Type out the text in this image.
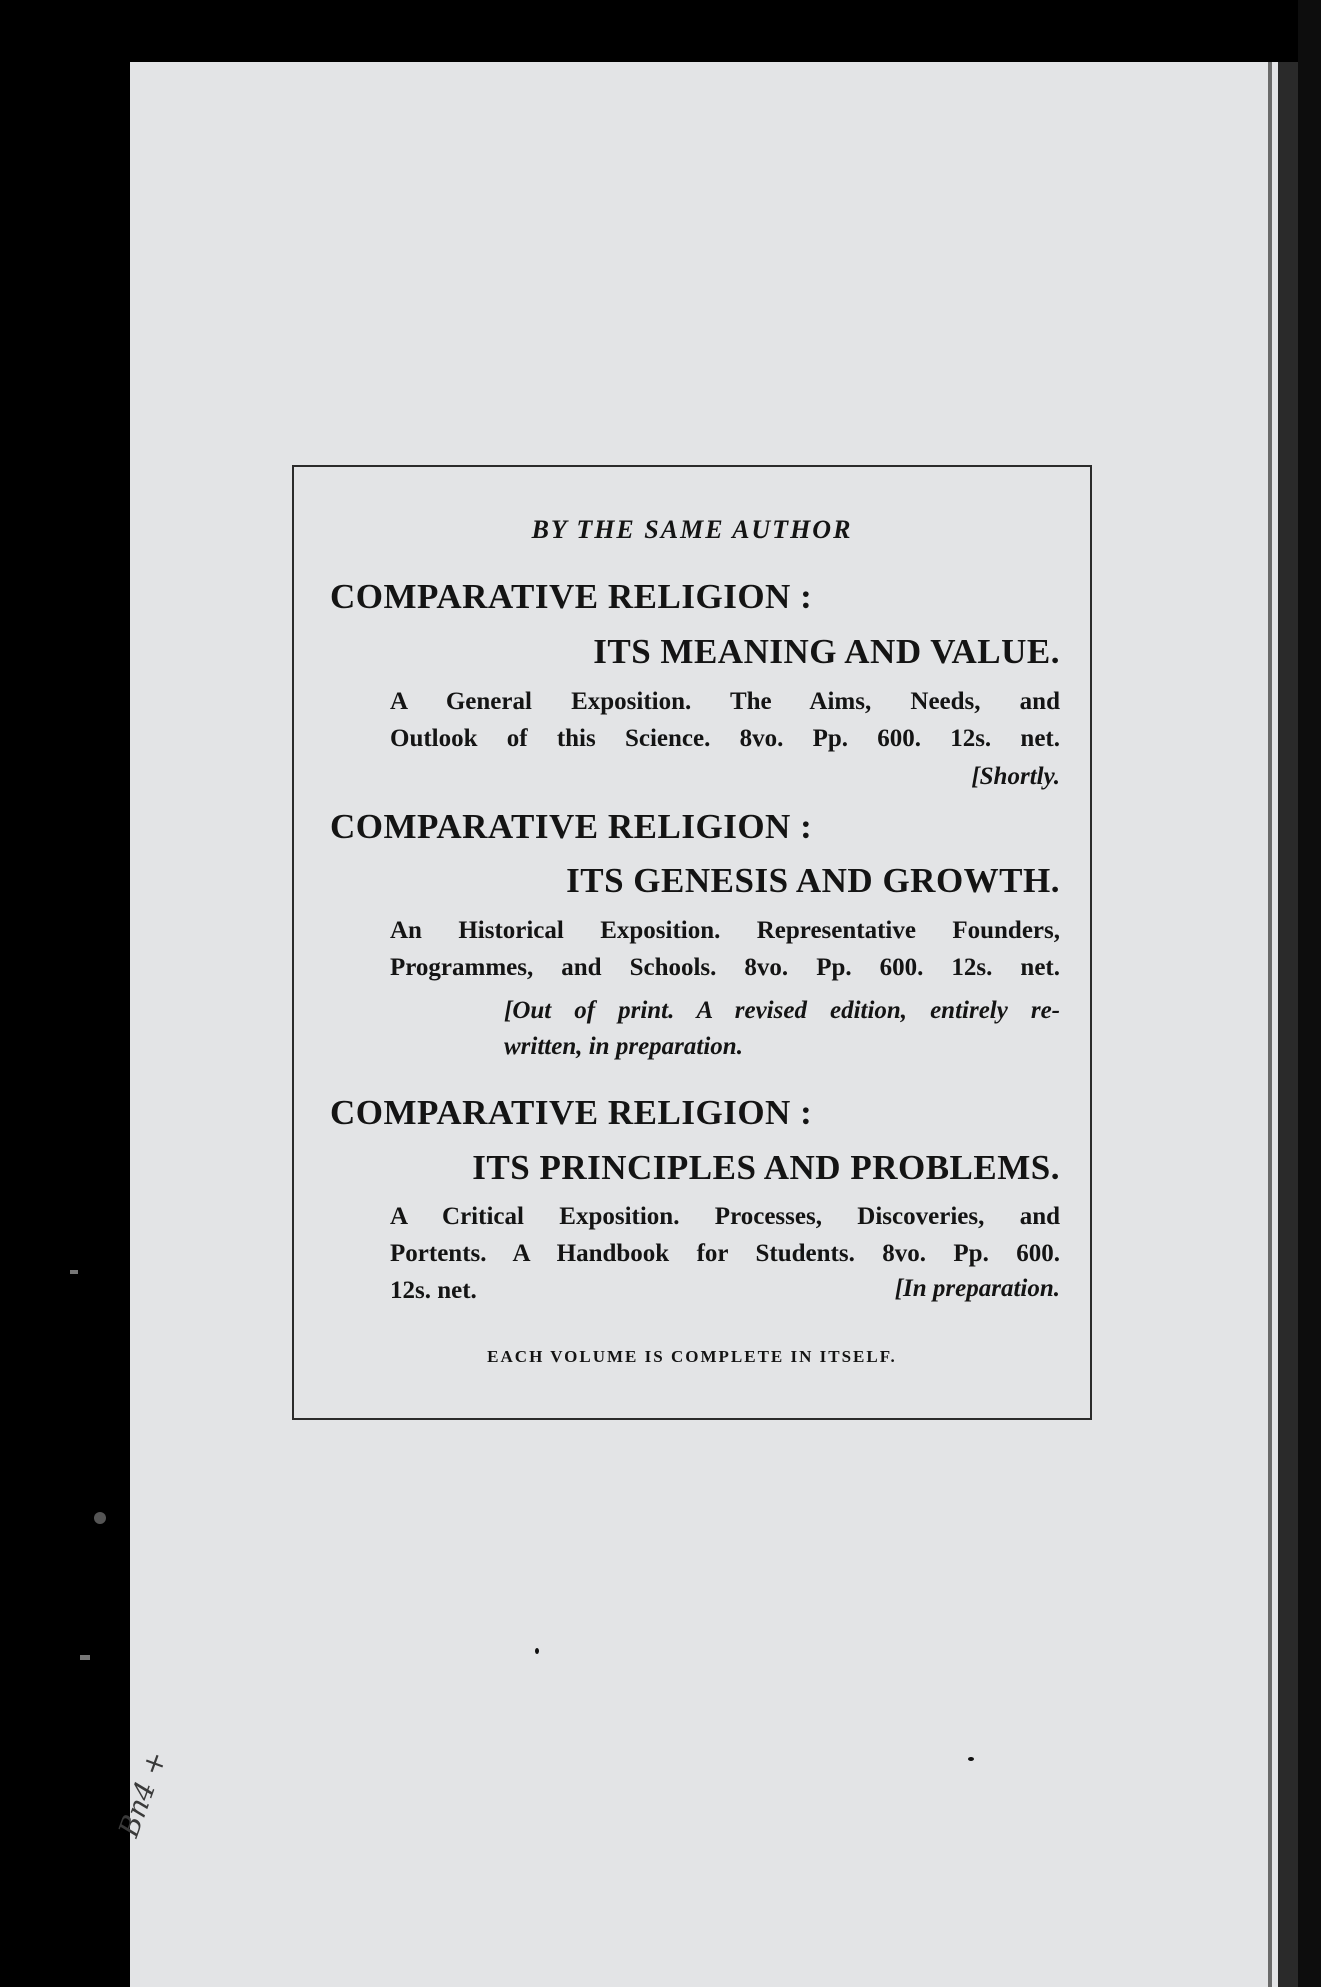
BY THE SAME AUTHOR
COMPARATIVE RELIGION :
ITS MEANING AND VALUE.
A General Exposition. The Aims, Needs, and
Outlook of this Science. 8vo. Pp. 600. 12s. net.
[Shortly.
COMPARATIVE RELIGION :
ITS GENESIS AND GROWTH.
An Historical Exposition. Representative Founders,
Programmes, and Schools. 8vo. Pp. 600. 12s. net.
[Out of print. A revised edition, entirely re-
written, in preparation.
COMPARATIVE RELIGION :
ITS PRINCIPLES AND PROBLEMS.
A Critical Exposition. Processes, Discoveries, and
Portents. A Handbook for Students. 8vo. Pp. 600.
12s. net.	[In preparation.
EACH VOLUME IS COMPLETE IN ITSELF.
Bn4 +
